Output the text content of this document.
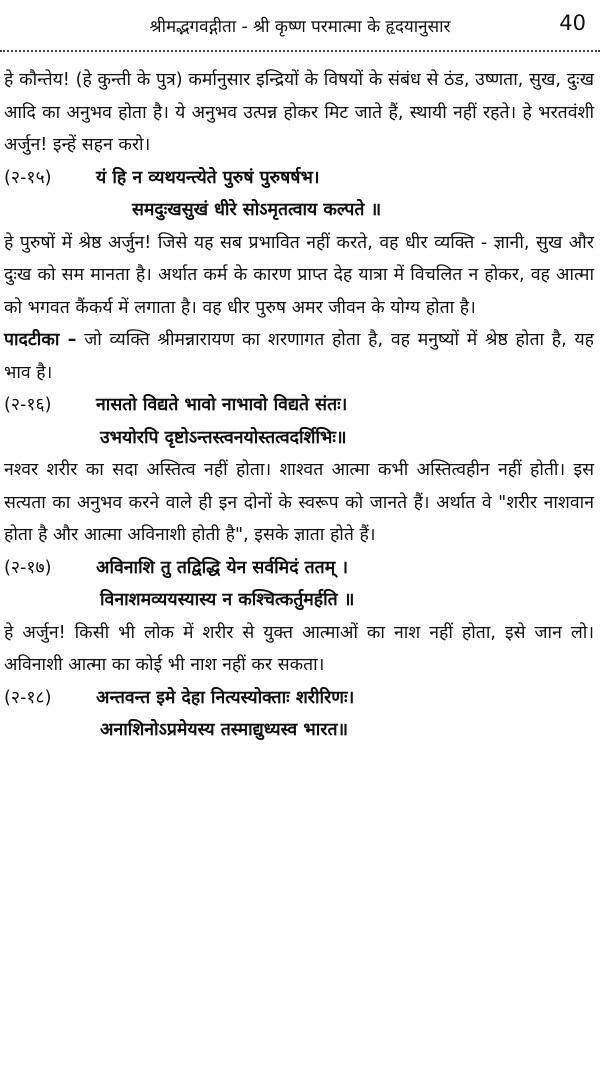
श्रीमद्भगवद्गीता - श्री कृष्ण परमात्मा के हृदयानुसार	40

हे कौन्तेय! (हे कुन्ती के पुत्र) कर्मानुसार इन्द्रियों के विषयों के संबंध से ठंड, उष्णता, सुख, दुःख आदि का अनुभव होता है। ये अनुभव उत्पन्न होकर मिट जाते हैं, स्थायी नहीं रहते। हे भरतवंशी अर्जुन! इन्हें सहन करो।

(२-१५)	यं हि न व्यथयन्त्येते पुरुषं पुरुषर्षभ।

समदुःखसुखं धीरे सोऽमृतत्वाय कल्पते ॥

हे पुरुषों में श्रेष्ठ अर्जुन! जिसे यह सब प्रभावित नहीं करते, वह धीर व्यक्ति - ज्ञानी, सुख और दुःख को सम मानता है। अर्थात कर्म के कारण प्राप्त देह यात्रा में विचलित न होकर, वह आत्मा को भगवत कैंकर्य में लगाता है। वह धीर पुरुष अमर जीवन के योग्य होता है।

पादटीका – जो व्यक्ति श्रीमन्नारायण का शरणागत होता है, वह मनुष्यों में श्रेष्ठ होता है, यह भाव है।

(२-१६)	नासतो विद्यते भावो नाभावो विद्यते संतः।

उभयोरपि दृष्टोऽन्तस्त्वनयोस्तत्वदर्शिभिः॥

नश्वर शरीर का सदा अस्तित्व नहीं होता। शाश्वत आत्मा कभी अस्तित्वहीन नहीं होती। इस सत्यता का अनुभव करने वाले ही इन दोनों के स्वरूप को जानते हैं। अर्थात वे "शरीर नाशवान होता है और आत्मा अविनाशी होती है", इसके ज्ञाता होते हैं।

(२-१७)	अविनाशि तु तद्विद्धि येन सर्वमिदं ततम् ।

विनाशमव्ययस्यास्य न कश्चित्कर्तुमर्हति ॥

हे अर्जुन! किसी भी लोक में शरीर से युक्त आत्माओं का नाश नहीं होता, इसे जान लो। अविनाशी आत्मा का कोई भी नाश नहीं कर सकता।

(२-१८)	अन्तवन्त इमे देहा नित्यस्योक्ताः शरीरिणः।

अनाशिनोऽप्रमेयस्य तस्माद्युध्यस्व भारत॥
